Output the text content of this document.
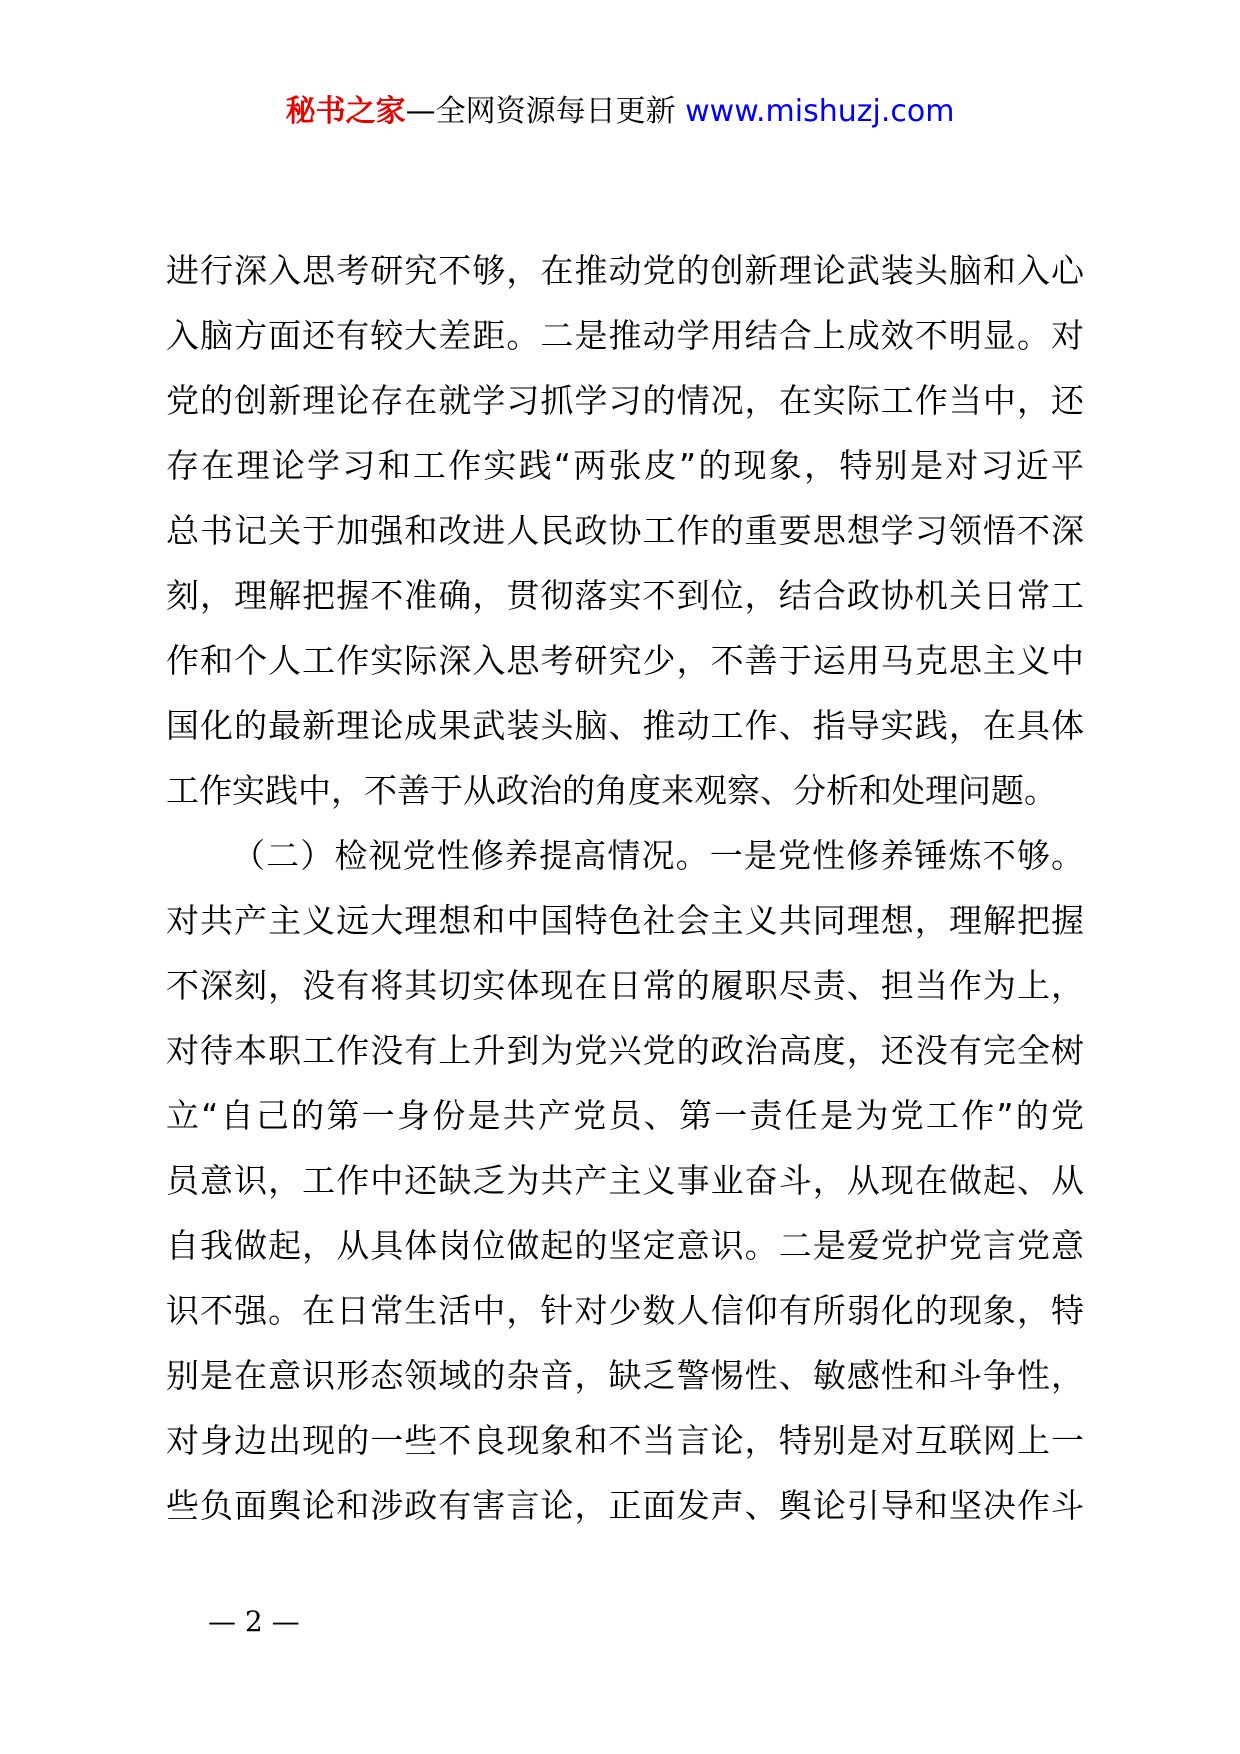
秘书之家—全网资源每日更新 www.mishuzj.com
进行深入思考研究不够，在推动党的创新理论武装头脑和入心
入脑方面还有较大差距。二是推动学用结合上成效不明显。对
党的创新理论存在就学习抓学习的情况，在实际工作当中，还
存在理论学习和工作实践“两张皮”的现象，特别是对习近平
总书记关于加强和改进人民政协工作的重要思想学习领悟不深
刻，理解把握不准确，贯彻落实不到位，结合政协机关日常工
作和个人工作实际深入思考研究少，不善于运用马克思主义中
国化的最新理论成果武装头脑、推动工作、指导实践，在具体
工作实践中，不善于从政治的角度来观察、分析和处理问题。
（二）检视党性修养提高情况。一是党性修养锤炼不够。
对共产主义远大理想和中国特色社会主义共同理想，理解把握
不深刻，没有将其切实体现在日常的履职尽责、担当作为上，
对待本职工作没有上升到为党兴党的政治高度，还没有完全树
立“自己的第一身份是共产党员、第一责任是为党工作”的党
员意识，工作中还缺乏为共产主义事业奋斗，从现在做起、从
自我做起，从具体岗位做起的坚定意识。二是爱党护党言党意
识不强。在日常生活中，针对少数人信仰有所弱化的现象，特
别是在意识形态领域的杂音，缺乏警惕性、敏感性和斗争性，
对身边出现的一些不良现象和不当言论，特别是对互联网上一
些负面舆论和涉政有害言论，正面发声、舆论引导和坚决作斗
— 2 —
